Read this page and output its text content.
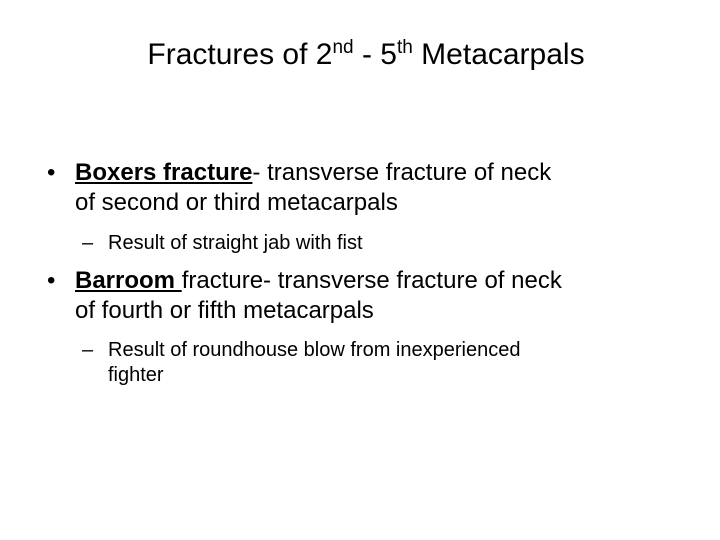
Fractures of 2nd - 5th Metacarpals
• Boxers fracture- transverse fracture of neck
of second or third metacarpals
– Result of straight jab with fist
• Barroom fracture- transverse fracture of neck
of fourth or fifth metacarpals
– Result of roundhouse blow from inexperienced
fighter
